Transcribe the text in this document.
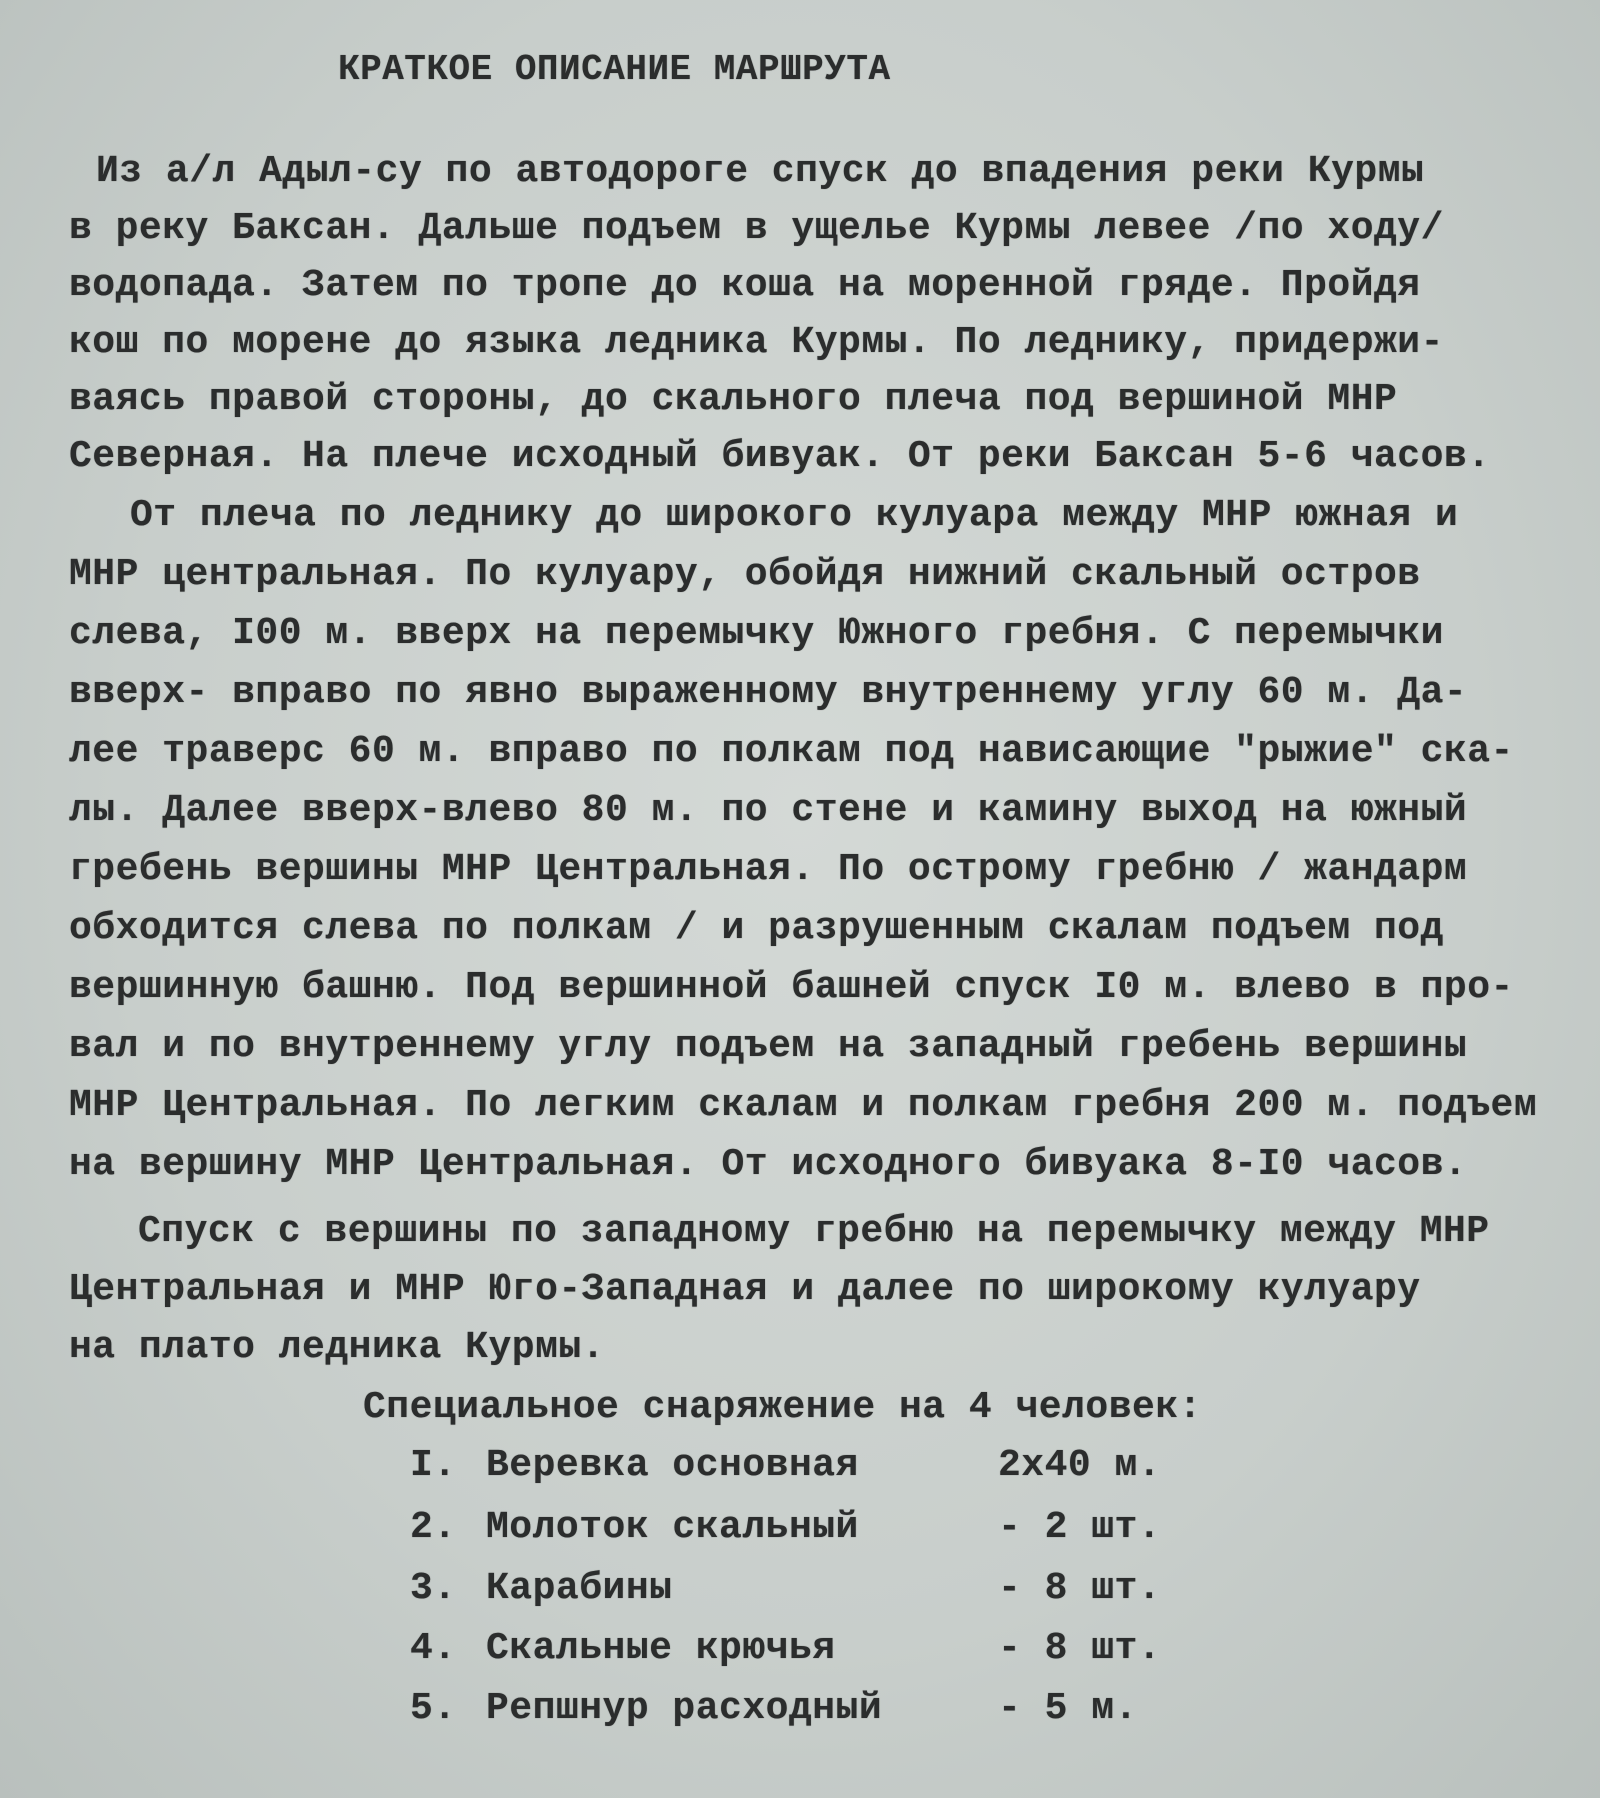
КРАТКОЕ ОПИСАНИЕ МАРШРУТА
Из а/л Адыл-су по автодороге спуск до впадения реки Курмы
в реку Баксан. Дальше подъем в ущелье Курмы левее /по ходу/
водопада. Затем по тропе до коша на моренной гряде. Пройдя
кош по морене до языка ледника Курмы. По леднику, придержи-
ваясь правой стороны, до скального плеча под вершиной МНР
Северная. На плече исходный бивуак. От реки Баксан 5-6 часов.
От плеча по леднику до широкого кулуара между МНР южная и
МНР центральная. По кулуару, обойдя нижний скальный остров
слева, I00 м. вверх на перемычку Южного гребня. С перемычки
вверх- вправо по явно выраженному внутреннему углу 60 м. Да-
лее траверс 60 м. вправо по полкам под нависающие "рыжие" ска-
лы. Далее вверх-влево 80 м. по стене и камину выход на южный
гребень вершины МНР Центральная. По острому гребню / жандарм
обходится слева по полкам / и разрушенным скалам подъем под
вершинную башню. Под вершинной башней спуск I0 м. влево в про-
вал и по внутреннему углу подъем на западный гребень вершины
МНР Центральная. По легким скалам и полкам гребня 200 м. подъем
на вершину МНР Центральная. От исходного бивуака 8-I0 часов.
Спуск с вершины по западному гребню на перемычку между МНР
Центральная и МНР Юго-Западная и далее по широкому кулуару
на плато ледника Курмы.
Специальное снаряжение на 4 человек:
I. Веревка основная	2х40 м.
2. Молоток скальный	- 2 шт.
3. Карабины	- 8 шт.
4. Скальные крючья	- 8 шт.
5. Репшнур расходный	- 5 м.
